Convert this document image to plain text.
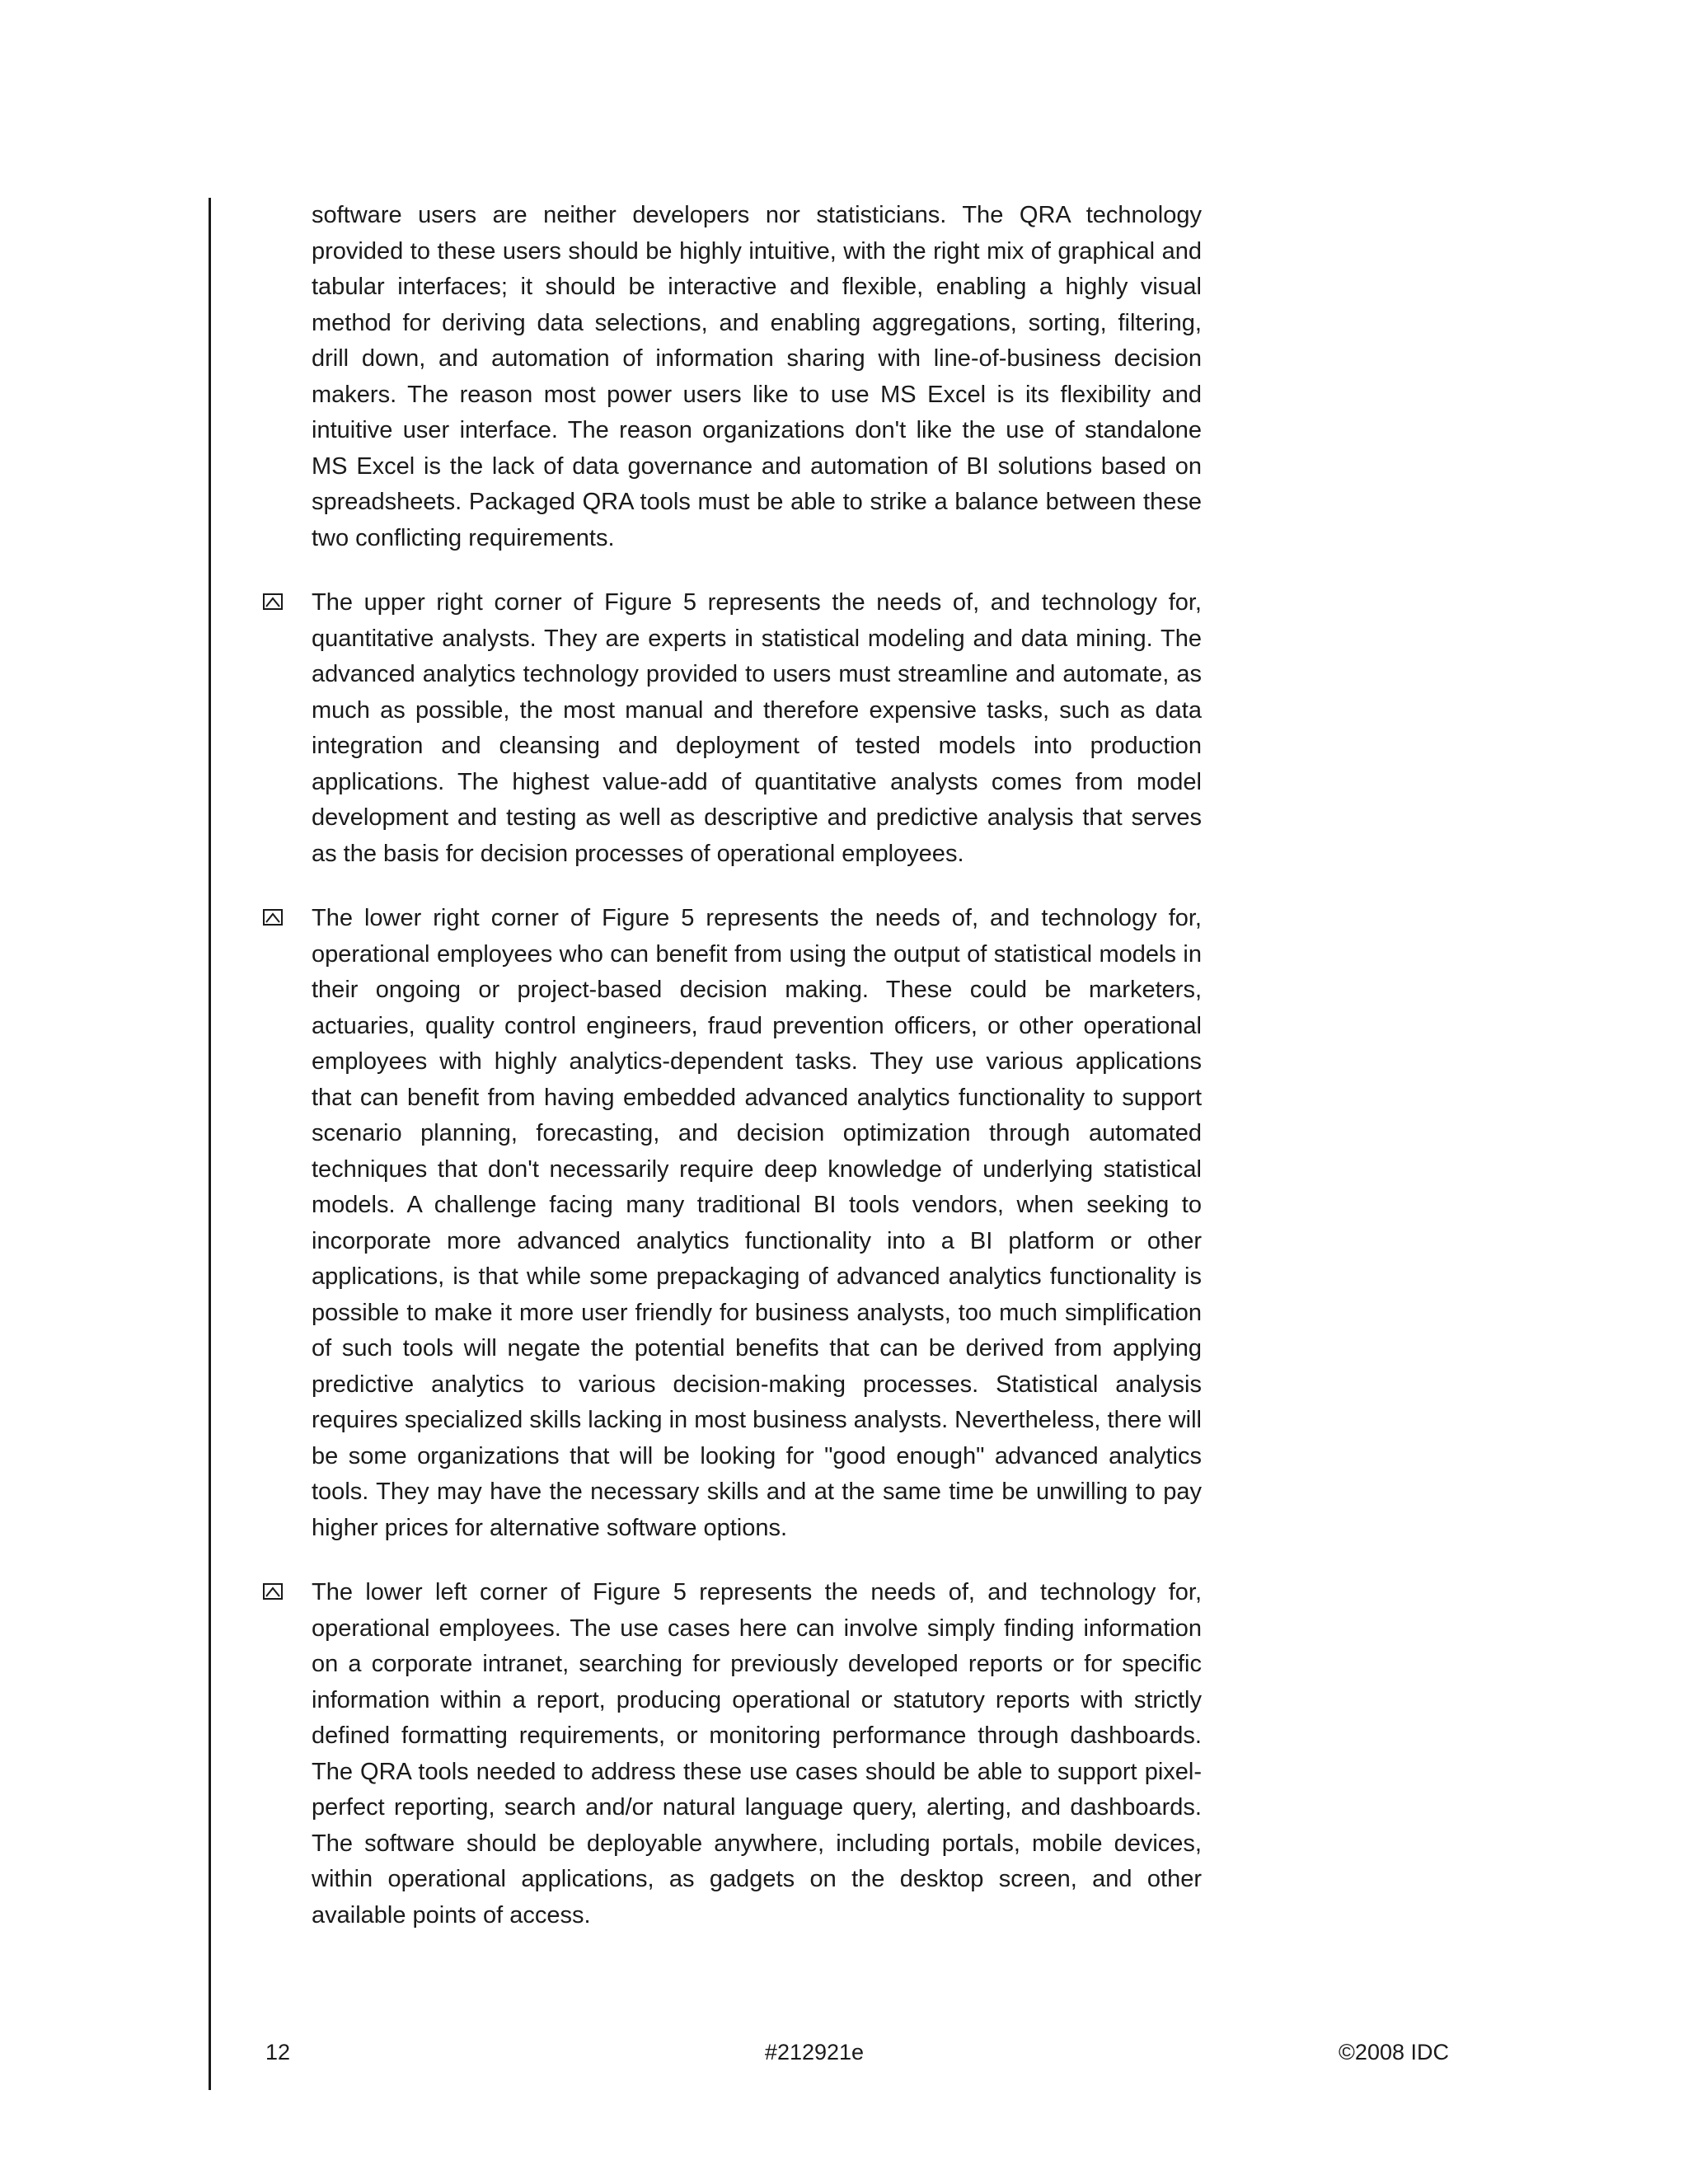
software users are neither developers nor statisticians. The QRA technology provided to these users should be highly intuitive, with the right mix of graphical and tabular interfaces; it should be interactive and flexible, enabling a highly visual method for deriving data selections, and enabling aggregations, sorting, filtering, drill down, and automation of information sharing with line-of-business decision makers. The reason most power users like to use MS Excel is its flexibility and intuitive user interface. The reason organizations don't like the use of standalone MS Excel is the lack of data governance and automation of BI solutions based on spreadsheets. Packaged QRA tools must be able to strike a balance between these two conflicting requirements.

The upper right corner of Figure 5 represents the needs of, and technology for, quantitative analysts. They are experts in statistical modeling and data mining. The advanced analytics technology provided to users must streamline and automate, as much as possible, the most manual and therefore expensive tasks, such as data integration and cleansing and deployment of tested models into production applications. The highest value-add of quantitative analysts comes from model development and testing as well as descriptive and predictive analysis that serves as the basis for decision processes of operational employees.

The lower right corner of Figure 5 represents the needs of, and technology for, operational employees who can benefit from using the output of statistical models in their ongoing or project-based decision making. These could be marketers, actuaries, quality control engineers, fraud prevention officers, or other operational employees with highly analytics-dependent tasks. They use various applications that can benefit from having embedded advanced analytics functionality to support scenario planning, forecasting, and decision optimization through automated techniques that don't necessarily require deep knowledge of underlying statistical models. A challenge facing many traditional BI tools vendors, when seeking to incorporate more advanced analytics functionality into a BI platform or other applications, is that while some prepackaging of advanced analytics functionality is possible to make it more user friendly for business analysts, too much simplification of such tools will negate the potential benefits that can be derived from applying predictive analytics to various decision-making processes. Statistical analysis requires specialized skills lacking in most business analysts. Nevertheless, there will be some organizations that will be looking for "good enough" advanced analytics tools. They may have the necessary skills and at the same time be unwilling to pay higher prices for alternative software options.

The lower left corner of Figure 5 represents the needs of, and technology for, operational employees. The use cases here can involve simply finding information on a corporate intranet, searching for previously developed reports or for specific information within a report, producing operational or statutory reports with strictly defined formatting requirements, or monitoring performance through dashboards. The QRA tools needed to address these use cases should be able to support pixel-perfect reporting, search and/or natural language query, alerting, and dashboards. The software should be deployable anywhere, including portals, mobile devices, within operational applications, as gadgets on the desktop screen, and other available points of access.

12	#212921e	©2008 IDC
